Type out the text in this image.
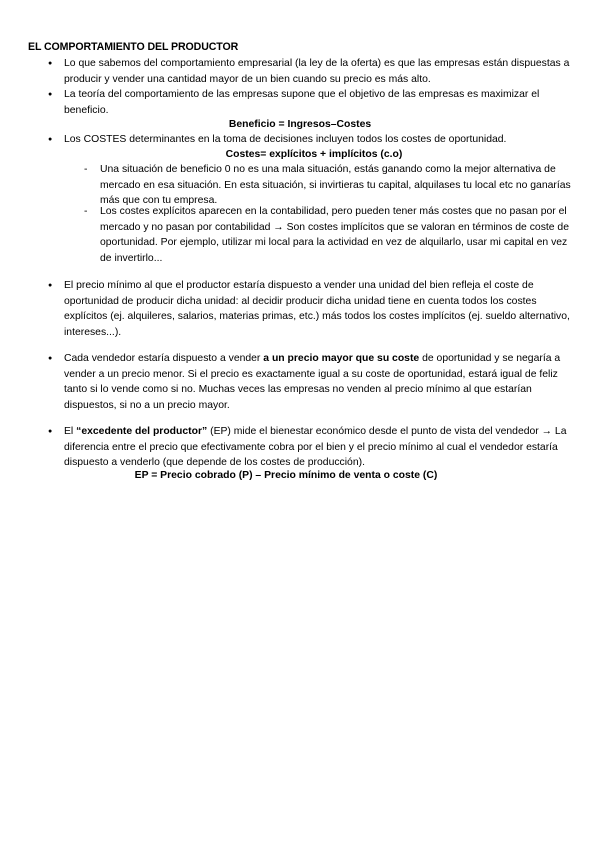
EL COMPORTAMIENTO DEL PRODUCTOR
● Lo que sabemos del comportamiento empresarial (la ley de la oferta) es que las empresas están dispuestas a producir y vender una cantidad mayor de un bien cuando su precio es más alto.
● La teoría del comportamiento de las empresas supone que el objetivo de las empresas es maximizar el beneficio.
Beneficio = Ingresos–Costes
● Los COSTES determinantes en la toma de decisiones incluyen todos los costes de oportunidad.
Costes= explícitos + implícitos (c.o)
- Una situación de beneficio 0 no es una mala situación, estás ganando como la mejor alternativa de mercado en esa situación. En esta situación, si invirtieras tu capital, alquilases tu local etc no ganarías más que con tu empresa.
- Los costes explícitos aparecen en la contabilidad, pero pueden tener más costes que no pasan por el mercado y no pasan por contabilidad → Son costes implícitos que se valoran en términos de coste de oportunidad. Por ejemplo, utilizar mi local para la actividad en vez de alquilarlo, usar mi capital en vez de invertirlo...
● El precio mínimo al que el productor estaría dispuesto a vender una unidad del bien refleja el coste de oportunidad de producir dicha unidad: al decidir producir dicha unidad tiene en cuenta todos los costes explícitos (ej. alquileres, salarios, materias primas, etc.) más todos los costes implícitos (ej. sueldo alternativo, intereses...).
● Cada vendedor estaría dispuesto a vender a un precio mayor que su coste de oportunidad y se negaría a vender a un precio menor. Si el precio es exactamente igual a su coste de oportunidad, estará igual de feliz tanto si lo vende como si no. Muchas veces las empresas no venden al precio mínimo al que estarían dispuestos, si no a un precio mayor.
● El “excedente del productor” (EP) mide el bienestar económico desde el punto de vista del vendedor → La diferencia entre el precio que efectivamente cobra por el bien y el precio mínimo al cual el vendedor estaría dispuesto a venderlo (que depende de los costes de producción).
EP = Precio cobrado (P) – Precio mínimo de venta o coste (C)
